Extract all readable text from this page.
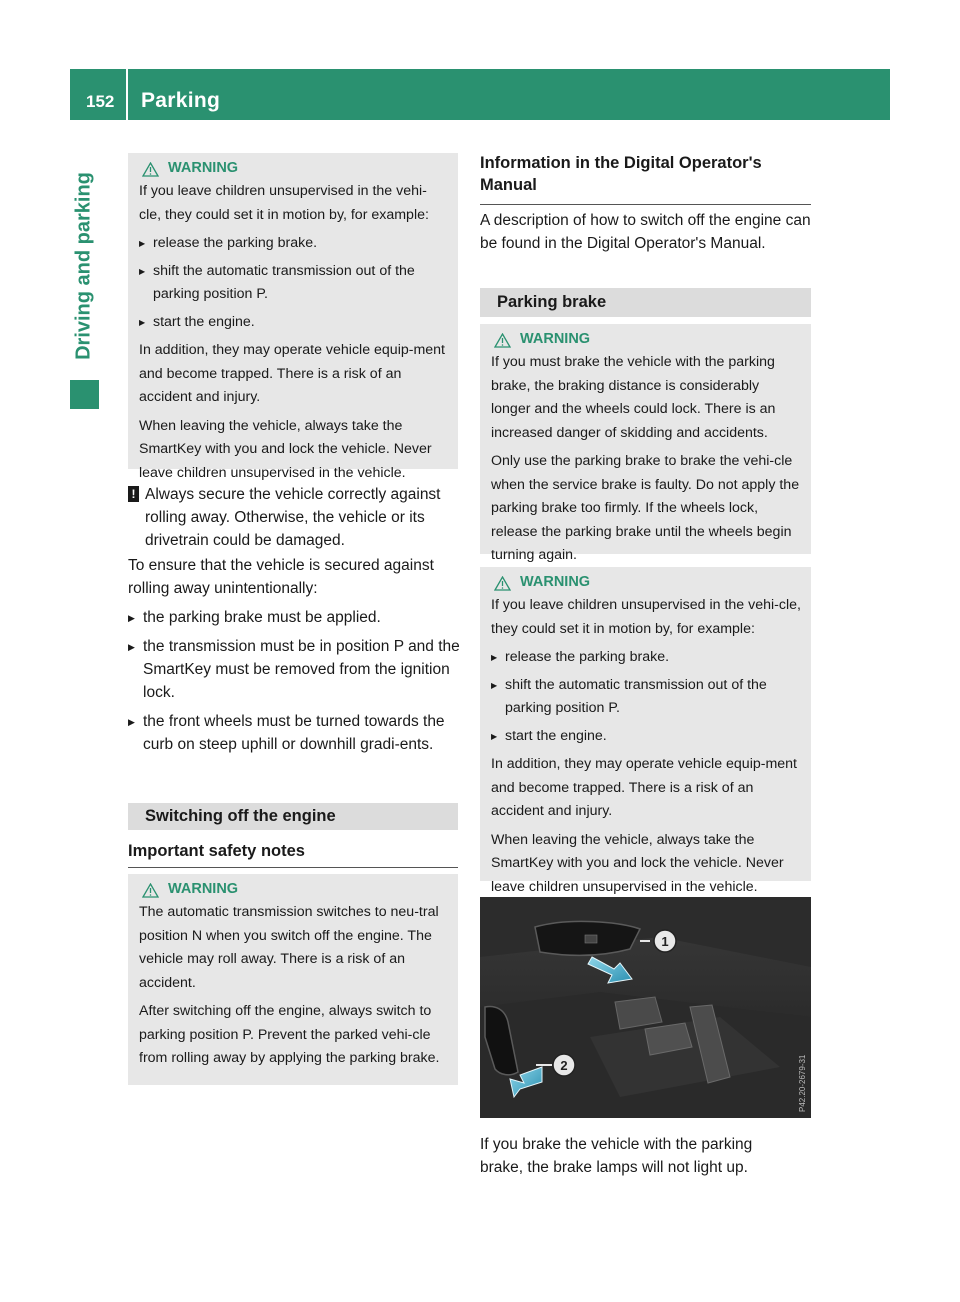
152 Parking
Driving and parking
WARNING

If you leave children unsupervised in the vehi-cle, they could set it in motion by, for example:

▶ release the parking brake.
▶ shift the automatic transmission out of the parking position P.
▶ start the engine.

In addition, they may operate vehicle equip-ment and become trapped. There is a risk of an accident and injury.

When leaving the vehicle, always take the SmartKey with you and lock the vehicle. Never leave children unsupervised in the vehicle.

! Always secure the vehicle correctly against rolling away. Otherwise, the vehicle or its drivetrain could be damaged.

To ensure that the vehicle is secured against rolling away unintentionally:

▶ the parking brake must be applied.
▶ the transmission must be in position P and the SmartKey must be removed from the ignition lock.
▶ the front wheels must be turned towards the curb on steep uphill or downhill gradi-ents.
Switching off the engine
Important safety notes
WARNING

The automatic transmission switches to neu-tral position N when you switch off the engine. The vehicle may roll away. There is a risk of an accident.

After switching off the engine, always switch to parking position P. Prevent the parked vehi-cle from rolling away by applying the parking brake.

Information in the Digital Operator's Manual
A description of how to switch off the engine can be found in the Digital Operator's Manual.
Parking brake
WARNING

If you must brake the vehicle with the parking brake, the braking distance is considerably longer and the wheels could lock. There is an increased danger of skidding and accidents.

Only use the parking brake to brake the vehi-cle when the service brake is faulty. Do not apply the parking brake too firmly. If the wheels lock, release the parking brake until the wheels begin turning again.

WARNING

If you leave children unsupervised in the vehi-cle, they could set it in motion by, for example:

▶ release the parking brake.
▶ shift the automatic transmission out of the parking position P.
▶ start the engine.

In addition, they may operate vehicle equip-ment and become trapped. There is a risk of an accident and injury.

When leaving the vehicle, always take the SmartKey with you and lock the vehicle. Never leave children unsupervised in the vehicle.

1
2	P42.20-2679-31
If you brake the vehicle with the parking brake, the brake lamps will not light up.
